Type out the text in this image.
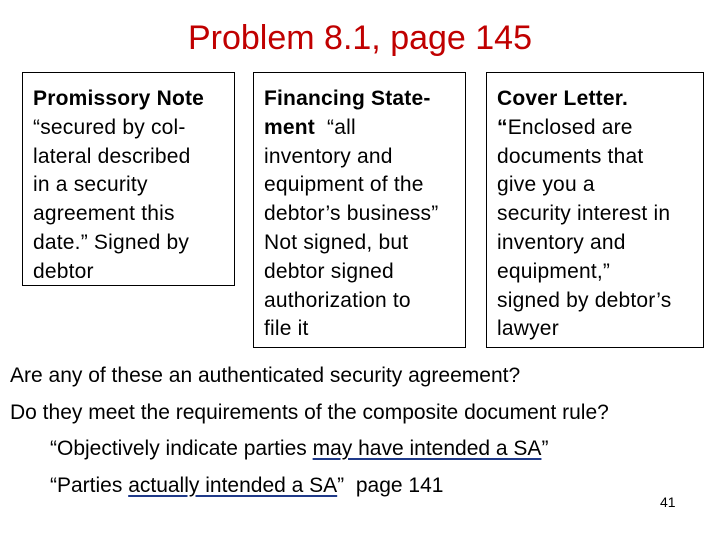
Problem 8.1, page 145
Promissory Note
“secured by col-
lateral described
in a security
agreement this
date.” Signed by
debtor
Financing State-
ment  “all
inventory and
equipment of the
debtor’s business”
Not signed, but
debtor signed
authorization to
file it
Cover Letter.
“Enclosed are
documents that
give you a
security interest in
inventory and
equipment,”
signed by debtor’s
lawyer
Are any of these an authenticated security agreement?
Do they meet the requirements of the composite document rule?
“Objectively indicate parties may have intended a SA”
“Parties actually intended a SA”  page 141
41
